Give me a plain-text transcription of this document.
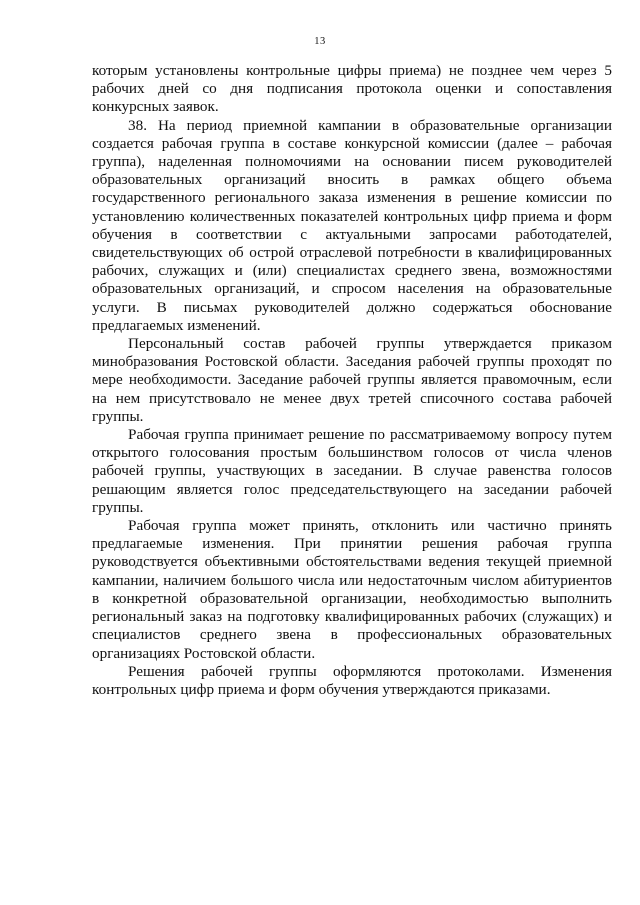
13

которым установлены контрольные цифры приема) не позднее чем через 5 рабочих дней со дня подписания протокола оценки и сопоставления конкурсных заявок.

38. На период приемной кампании в образовательные организации создается рабочая группа в составе конкурсной комиссии (далее – рабочая группа), наделенная полномочиями на основании писем руководителей образовательных организаций вносить в рамках общего объема государственного регионального заказа изменения в решение комиссии по установлению количественных показателей контрольных цифр приема и форм обучения в соответствии с актуальными запросами работодателей, свидетельствующих об острой отраслевой потребности в квалифицированных рабочих, служащих и (или) специалистах среднего звена, возможностями образовательных организаций, и спросом населения на образовательные услуги. В письмах руководителей должно содержаться обоснование предлагаемых изменений.

Персональный состав рабочей группы утверждается приказом минобразования Ростовской области. Заседания рабочей группы проходят по мере необходимости. Заседание рабочей группы является правомочным, если на нем присутствовало не менее двух третей списочного состава рабочей группы.

Рабочая группа принимает решение по рассматриваемому вопросу путем открытого голосования простым большинством голосов от числа членов рабочей группы, участвующих в заседании. В случае равенства голосов решающим является голос председательствующего на заседании рабочей группы.

Рабочая группа может принять, отклонить или частично принять предлагаемые изменения. При принятии решения рабочая группа руководствуется объективными обстоятельствами ведения текущей приемной кампании, наличием большого числа или недостаточным числом абитуриентов в конкретной образовательной организации, необходимостью выполнить региональный заказ на подготовку квалифицированных рабочих (служащих) и специалистов среднего звена в профессиональных образовательных организациях Ростовской области.

Решения рабочей группы оформляются протоколами. Изменения контрольных цифр приема и форм обучения утверждаются приказами.
